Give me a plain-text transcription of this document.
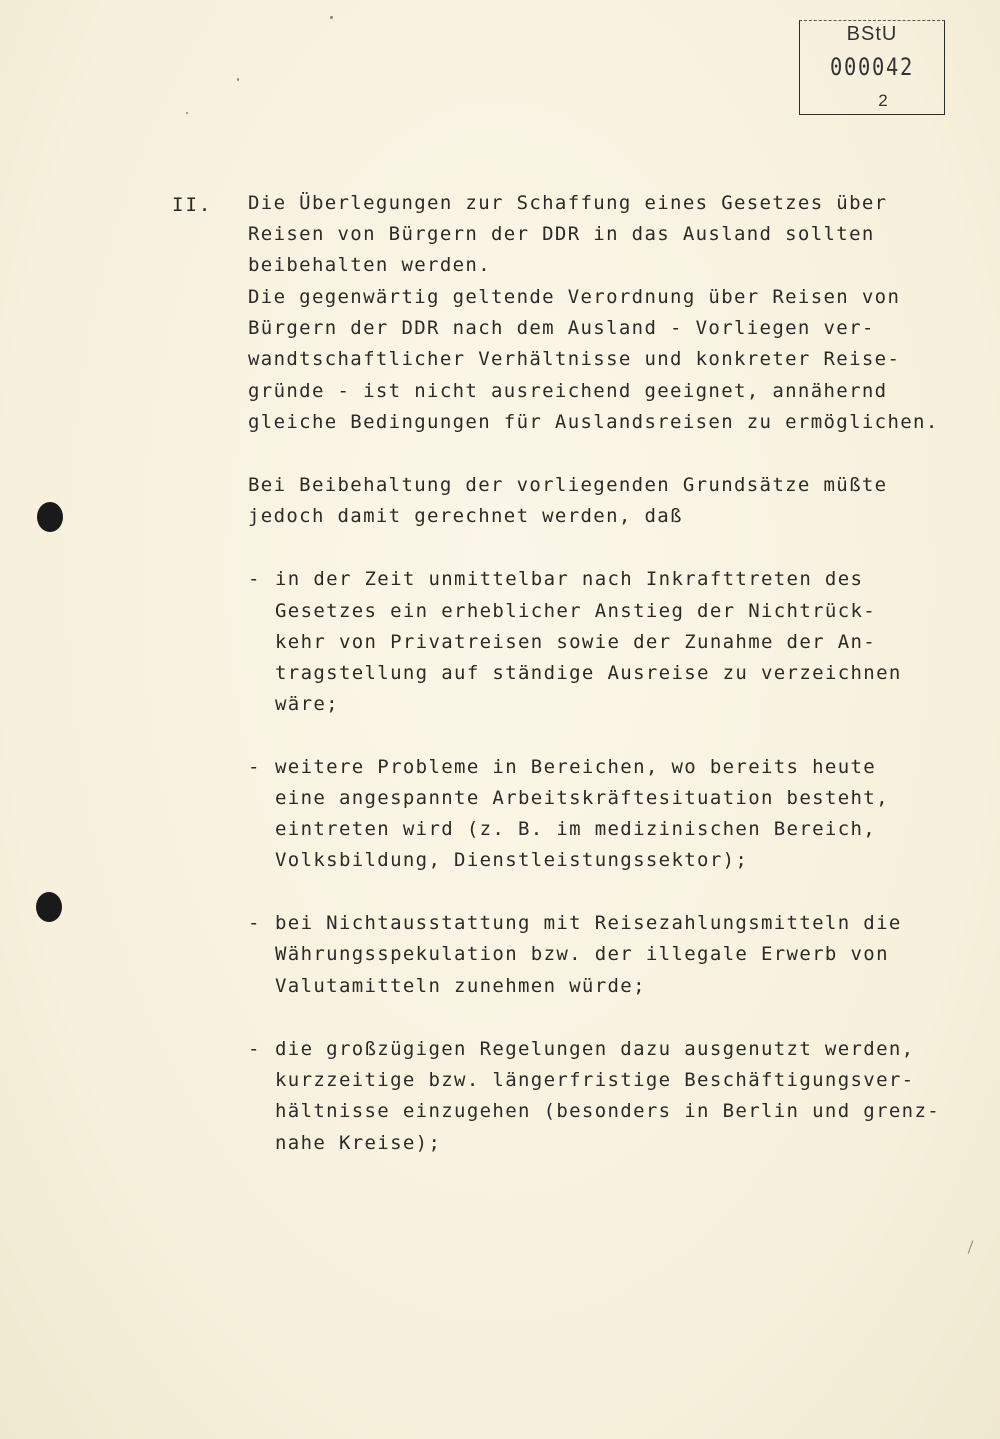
BStU
000042
2
II. Die Überlegungen zur Schaffung eines Gesetzes über
Reisen von Bürgern der DDR in das Ausland sollten
beibehalten werden.
Die gegenwärtig geltende Verordnung über Reisen von
Bürgern der DDR nach dem Ausland - Vorliegen ver-
wandtschaftlicher Verhältnisse und konkreter Reise-
gründe - ist nicht ausreichend geeignet, annähernd
gleiche Bedingungen für Auslandsreisen zu ermöglichen.
Bei Beibehaltung der vorliegenden Grundsätze müßte
jedoch damit gerechnet werden, daß
- in der Zeit unmittelbar nach Inkrafttreten des
Gesetzes ein erheblicher Anstieg der Nichtrück-
kehr von Privatreisen sowie der Zunahme der An-
tragstellung auf ständige Ausreise zu verzeichnen
wäre;
- weitere Probleme in Bereichen, wo bereits heute
eine angespannte Arbeitskräftesituation besteht,
eintreten wird (z. B. im medizinischen Bereich,
Volksbildung, Dienstleistungssektor);
- bei Nichtausstattung mit Reisezahlungsmitteln die
Währungsspekulation bzw. der illegale Erwerb von
Valutamitteln zunehmen würde;
- die großzügigen Regelungen dazu ausgenutzt werden,
kurzzeitige bzw. längerfristige Beschäftigungsver-
hältnisse einzugehen (besonders in Berlin und grenz-
nahe Kreise);
